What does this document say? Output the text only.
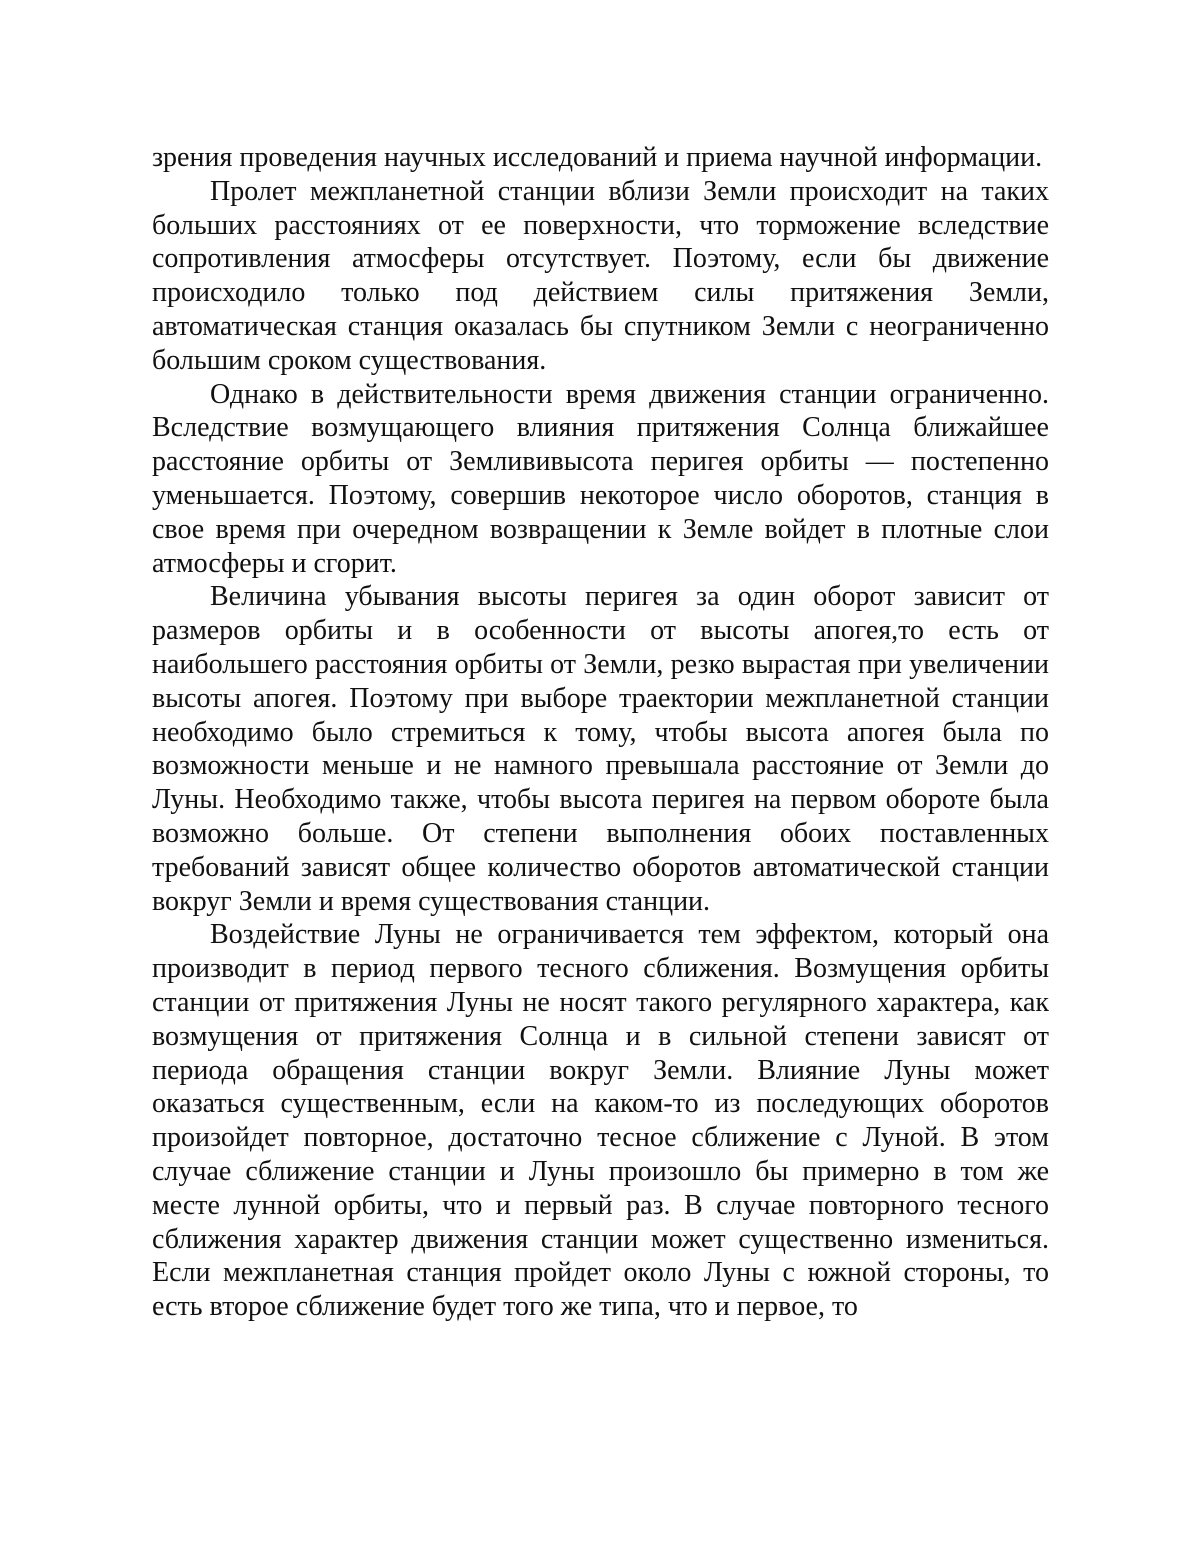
зрения проведения научных исследований и приема научной информации.

Пролет межпланетной станции вблизи Земли происходит на таких больших расстояниях от ее поверхности, что торможение вследствие сопротивления атмосферы отсутствует. Поэтому, если бы движение происходило только под действием силы притяжения Земли, автоматическая станция оказалась бы спутником Земли с неограниченно большим сроком существования.

Однако в действительности время движения станции ограниченно. Вследствие возмущающего влияния притяжения Солнца ближайшее расстояние орбиты от Землививысота перигея орбиты — постепенно уменьшается. Поэтому, совершив некоторое число оборотов, станция в свое время при очередном возвращении к Земле войдет в плотные слои атмосферы и сгорит.

Величина убывания высоты перигея за один оборот зависит от размеров орбиты и в особенности от высоты апогея,то есть от наибольшего расстояния орбиты от Земли, резко вырастая при увеличении высоты апогея. Поэтому при выборе траектории межпланетной станции необходимо было стремиться к тому, чтобы высота апогея была по возможности меньше и не намного превышала расстояние от Земли до Луны. Необходимо также, чтобы высота перигея на первом обороте была возможно больше. От степени выполнения обоих поставленных требований зависят общее количество оборотов автоматической станции вокруг Земли и время существования станции.

Воздействие Луны не ограничивается тем эффектом, который она производит в период первого тесного сближения. Возмущения орбиты станции от притяжения Луны не носят такого регулярного характера, как возмущения от притяжения Солнца и в сильной степени зависят от периода обращения станции вокруг Земли. Влияние Луны может оказаться существенным, если на каком-то из последующих оборотов произойдет повторное, достаточно тесное сближение с Луной. В этом случае сближение станции и Луны произошло бы примерно в том же месте лунной орбиты, что и первый раз. В случае повторного тесного сближения характер движения станции может существенно измениться. Если межпланетная станция пройдет около Луны с южной стороны, то есть второе сближение будет того же типа, что и первое, то
